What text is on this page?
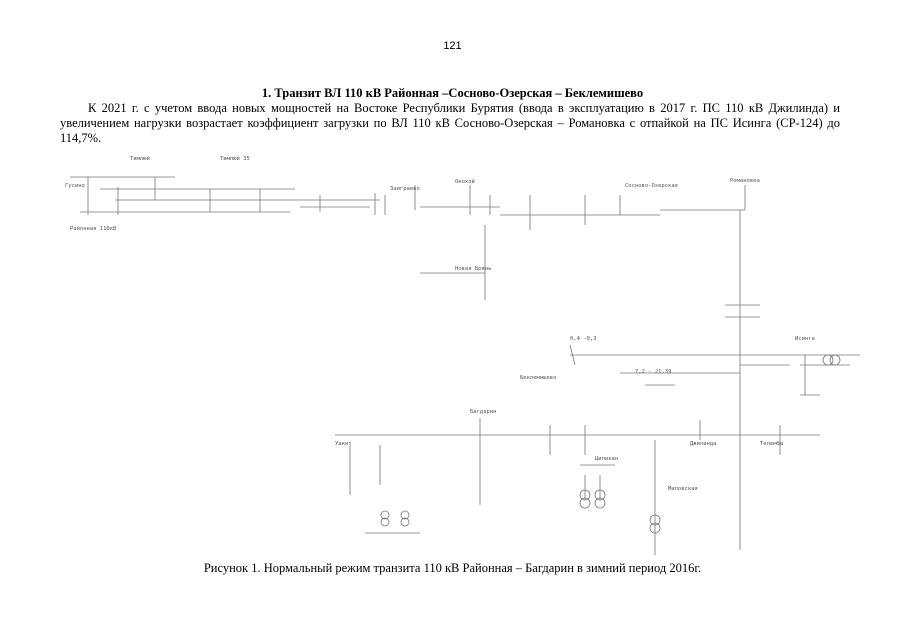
121
1. Транзит ВЛ 110 кВ Районная –Сосново-Озерская – Беклемишево
К 2021 г. с учетом ввода новых мощностей на Востоке Республики Бурятия (ввода в эксплуатацию в 2017 г. ПС 110 кВ Джилинда) и увеличением нагрузки возрастает коэффициент загрузки по ВЛ 110 кВ Сосново-Озерская – Романовка с отпайкой на ПС Исинга (СР-124) до 114,7%.
Гусино
Районная 110кВ
Тимлюй	Тимлюй 35
Заиграево
Онохой
Сосново-Озерская
Романовка
Новая Брянь
Исинга
Беклемишево
0,4 -0,3
7,2 - 21,39
Уакит
Багдарин
Джилинда	Телемба
Ципикан
Маловская
Рисунок 1. Нормальный режим транзита 110 кВ Районная – Багдарин в зимний период 2016г.
